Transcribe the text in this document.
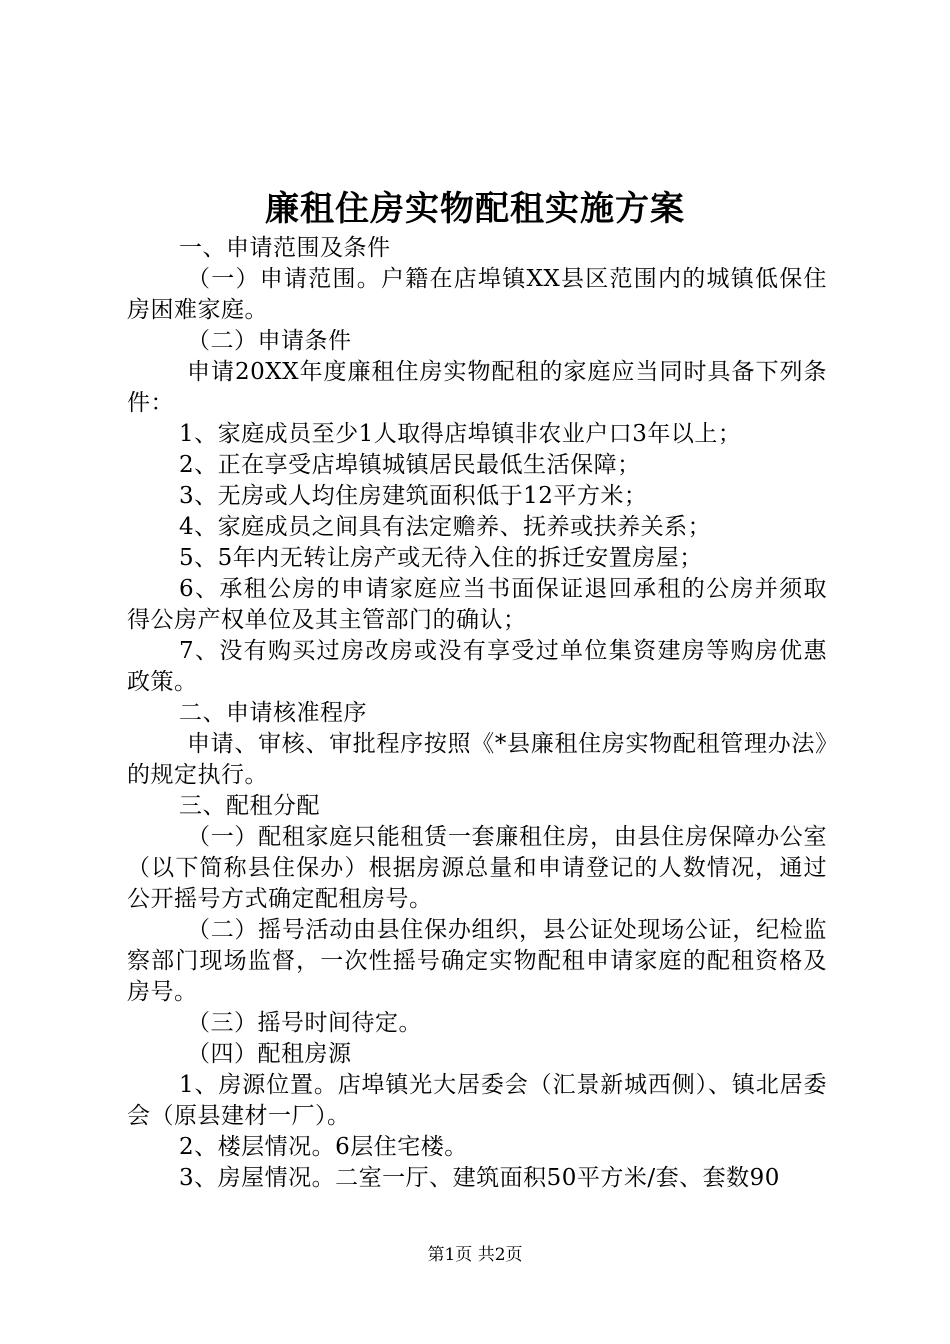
廉租住房实物配租实施方案

一、申请范围及条件

（一）申请范围。户籍在店埠镇XX县区范围内的城镇低保住房困难家庭。

（二）申请条件

申请20XX年度廉租住房实物配租的家庭应当同时具备下列条件：

1、家庭成员至少1人取得店埠镇非农业户口3年以上；

2、正在享受店埠镇城镇居民最低生活保障；

3、无房或人均住房建筑面积低于12平方米；

4、家庭成员之间具有法定赡养、抚养或扶养关系；

5、5年内无转让房产或无待入住的拆迁安置房屋；

6、承租公房的申请家庭应当书面保证退回承租的公房并须取得公房产权单位及其主管部门的确认；

7、没有购买过房改房或没有享受过单位集资建房等购房优惠政策。

二、申请核准程序

申请、审核、审批程序按照《*县廉租住房实物配租管理办法》的规定执行。

三、配租分配

（一）配租家庭只能租赁一套廉租住房，由县住房保障办公室（以下简称县住保办）根据房源总量和申请登记的人数情况，通过公开摇号方式确定配租房号。

（二）摇号活动由县住保办组织，县公证处现场公证，纪检监察部门现场监督，一次性摇号确定实物配租申请家庭的配租资格及房号。

（三）摇号时间待定。

（四）配租房源

1、房源位置。店埠镇光大居委会（汇景新城西侧）、镇北居委会（原县建材一厂）。

2、楼层情况。6层住宅楼。

3、房屋情况。二室一厅、建筑面积50平方米/套、套数90

第1页 共2页
